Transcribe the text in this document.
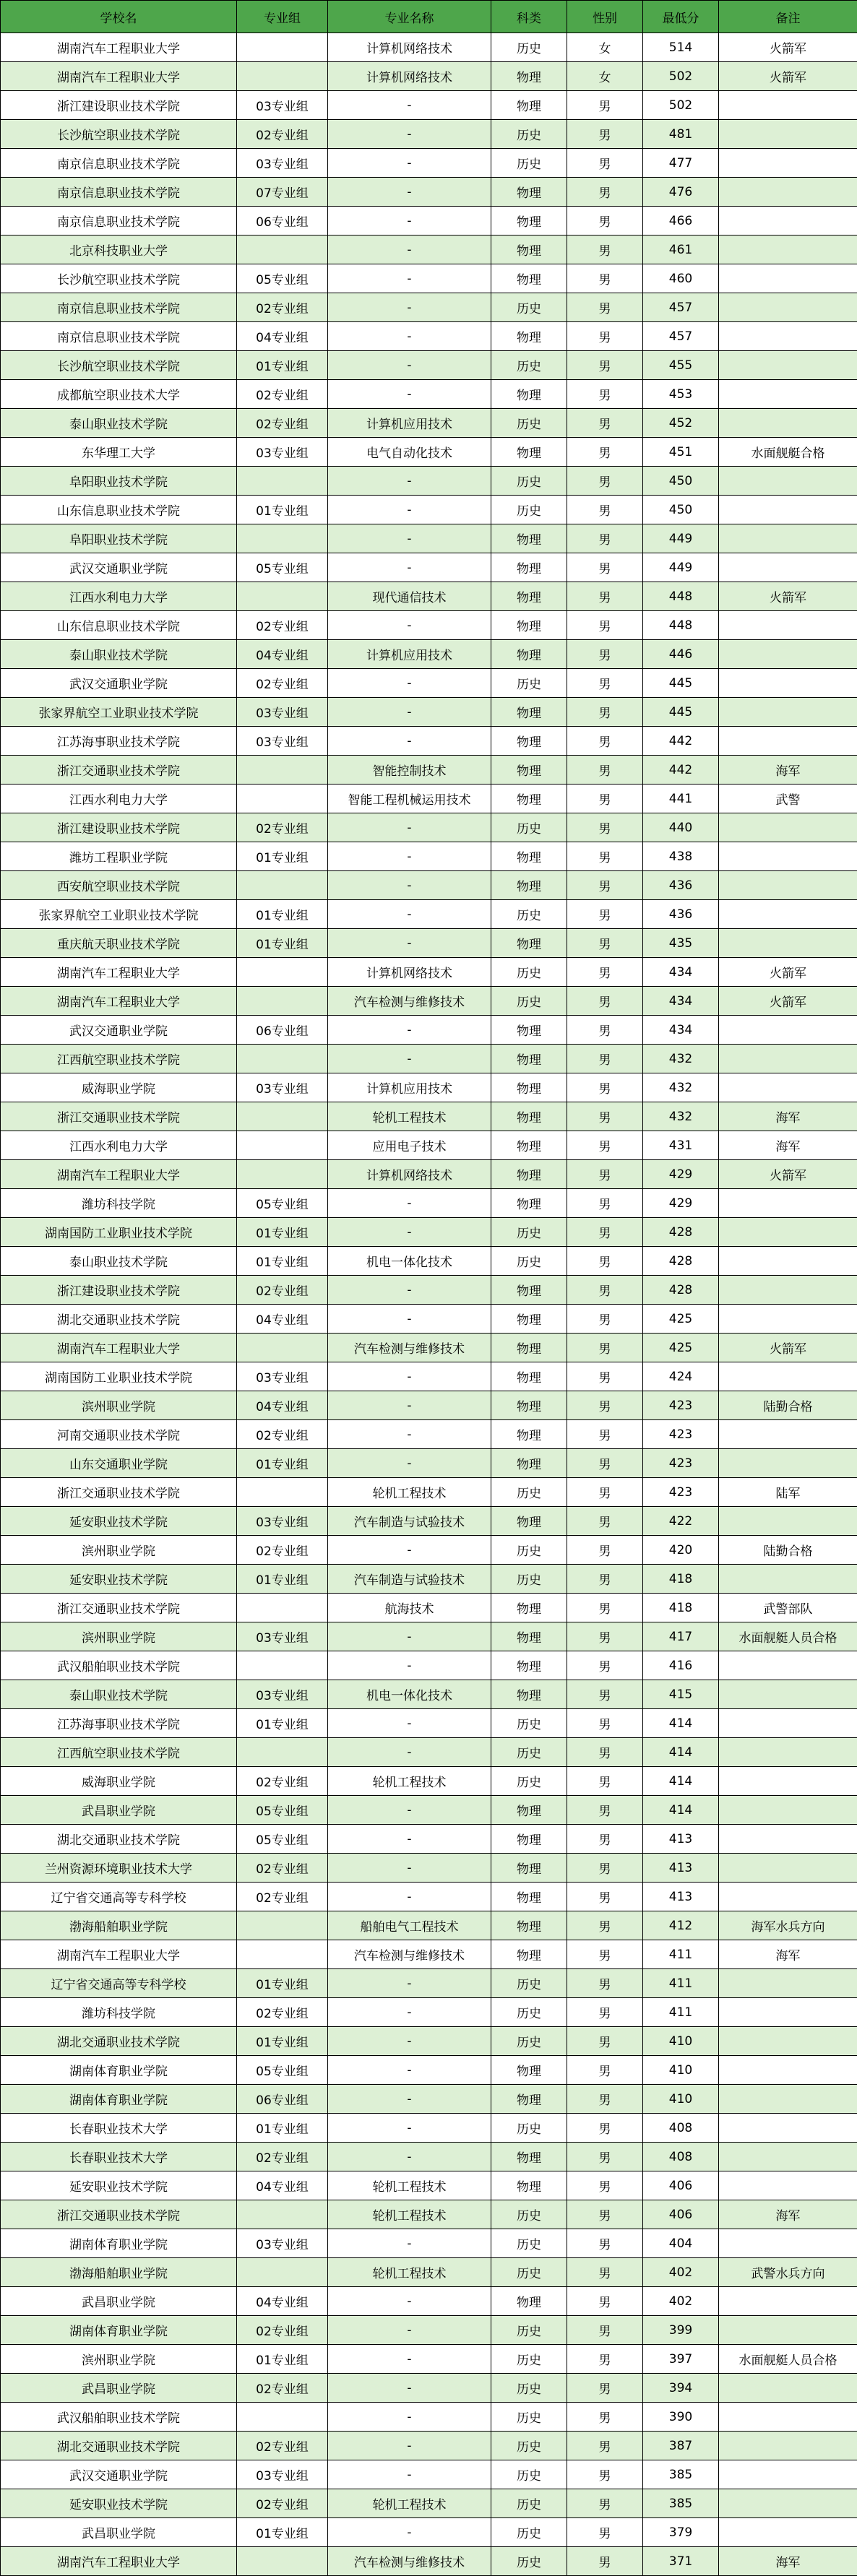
学校名	专业组	专业名称	科类	性别	最低分	备注
湖南汽车工程职业大学		计算机网络技术	历史	女	514	火箭军
湖南汽车工程职业大学		计算机网络技术	物理	女	502	火箭军
浙江建设职业技术学院	03专业组	-	物理	男	502	
长沙航空职业技术学院	02专业组	-	历史	男	481	
南京信息职业技术学院	03专业组	-	历史	男	477	
南京信息职业技术学院	07专业组	-	物理	男	476	
南京信息职业技术学院	06专业组	-	物理	男	466	
北京科技职业大学		-	物理	男	461	
长沙航空职业技术学院	05专业组	-	物理	男	460	
南京信息职业技术学院	02专业组	-	历史	男	457	
南京信息职业技术学院	04专业组	-	物理	男	457	
长沙航空职业技术学院	01专业组	-	历史	男	455	
成都航空职业技术大学	02专业组	-	物理	男	453	
泰山职业技术学院	02专业组	计算机应用技术	历史	男	452	
东华理工大学	03专业组	电气自动化技术	物理	男	451	水面舰艇合格
阜阳职业技术学院		-	历史	男	450	
山东信息职业技术学院	01专业组	-	历史	男	450	
阜阳职业技术学院		-	物理	男	449	
武汉交通职业学院	05专业组	-	物理	男	449	
江西水利电力大学		现代通信技术	物理	男	448	火箭军
山东信息职业技术学院	02专业组	-	物理	男	448	
泰山职业技术学院	04专业组	计算机应用技术	物理	男	446	
武汉交通职业学院	02专业组	-	历史	男	445	
张家界航空工业职业技术学院	03专业组	-	物理	男	445	
江苏海事职业技术学院	03专业组	-	物理	男	442	
浙江交通职业技术学院		智能控制技术	物理	男	442	海军
江西水利电力大学		智能工程机械运用技术	物理	男	441	武警
浙江建设职业技术学院	02专业组	-	历史	男	440	
潍坊工程职业学院	01专业组	-	物理	男	438	
西安航空职业技术学院		-	物理	男	436	
张家界航空工业职业技术学院	01专业组	-	历史	男	436	
重庆航天职业技术学院	01专业组	-	物理	男	435	
湖南汽车工程职业大学		计算机网络技术	历史	男	434	火箭军
湖南汽车工程职业大学		汽车检测与维修技术	历史	男	434	火箭军
武汉交通职业学院	06专业组	-	物理	男	434	
江西航空职业技术学院		-	物理	男	432	
威海职业学院	03专业组	计算机应用技术	物理	男	432	
浙江交通职业技术学院		轮机工程技术	物理	男	432	海军
江西水利电力大学		应用电子技术	物理	男	431	海军
湖南汽车工程职业大学		计算机网络技术	物理	男	429	火箭军
潍坊科技学院	05专业组	-	物理	男	429	
湖南国防工业职业技术学院	01专业组	-	历史	男	428	
泰山职业技术学院	01专业组	机电一体化技术	历史	男	428	
浙江建设职业技术学院	02专业组	-	物理	男	428	
湖北交通职业技术学院	04专业组	-	物理	男	425	
湖南汽车工程职业大学		汽车检测与维修技术	物理	男	425	火箭军
湖南国防工业职业技术学院	03专业组	-	物理	男	424	
滨州职业学院	04专业组	-	物理	男	423	陆勤合格
河南交通职业技术学院	02专业组	-	物理	男	423	
山东交通职业学院	01专业组	-	物理	男	423	
浙江交通职业技术学院		轮机工程技术	历史	男	423	陆军
延安职业技术学院	03专业组	汽车制造与试验技术	物理	男	422	
滨州职业学院	02专业组	-	历史	男	420	陆勤合格
延安职业技术学院	01专业组	汽车制造与试验技术	历史	男	418	
浙江交通职业技术学院		航海技术	物理	男	418	武警部队
滨州职业学院	03专业组	-	物理	男	417	水面舰艇人员合格
武汉船舶职业技术学院		-	物理	男	416	
泰山职业技术学院	03专业组	机电一体化技术	物理	男	415	
江苏海事职业技术学院	01专业组	-	历史	男	414	
江西航空职业技术学院		-	历史	男	414	
威海职业学院	02专业组	轮机工程技术	历史	男	414	
武昌职业学院	05专业组	-	物理	男	414	
湖北交通职业技术学院	05专业组	-	物理	男	413	
兰州资源环境职业技术大学	02专业组	-	物理	男	413	
辽宁省交通高等专科学校	02专业组	-	物理	男	413	
渤海船舶职业学院		船舶电气工程技术	物理	男	412	海军水兵方向
湖南汽车工程职业大学		汽车检测与维修技术	物理	男	411	海军
辽宁省交通高等专科学校	01专业组	-	历史	男	411	
潍坊科技学院	02专业组	-	历史	男	411	
湖北交通职业技术学院	01专业组	-	历史	男	410	
湖南体育职业学院	05专业组	-	物理	男	410	
湖南体育职业学院	06专业组	-	物理	男	410	
长春职业技术大学	01专业组	-	历史	男	408	
长春职业技术大学	02专业组	-	物理	男	408	
延安职业技术学院	04专业组	轮机工程技术	物理	男	406	
浙江交通职业技术学院		轮机工程技术	历史	男	406	海军
湖南体育职业学院	03专业组	-	历史	男	404	
渤海船舶职业学院		轮机工程技术	历史	男	402	武警水兵方向
武昌职业学院	04专业组	-	物理	男	402	
湖南体育职业学院	02专业组	-	历史	男	399	
滨州职业学院	01专业组	-	历史	男	397	水面舰艇人员合格
武昌职业学院	02专业组	-	历史	男	394	
武汉船舶职业技术学院		-	历史	男	390	
湖北交通职业技术学院	02专业组	-	历史	男	387	
武汉交通职业学院	03专业组	-	历史	男	385	
延安职业技术学院	02专业组	轮机工程技术	历史	男	385	
武昌职业学院	01专业组	-	历史	男	379	
湖南汽车工程职业大学		汽车检测与维修技术	历史	男	371	海军
